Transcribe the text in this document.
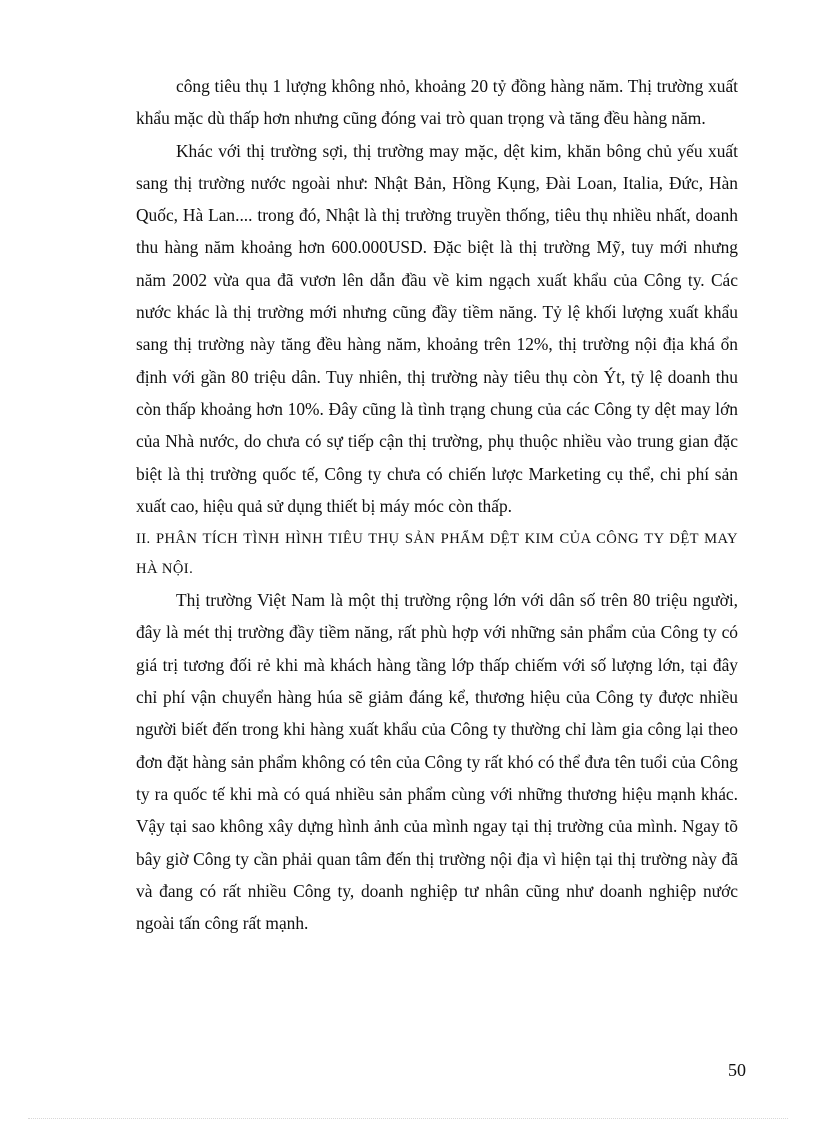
công tiêu thụ 1 lượng không nhỏ, khoảng 20 tỷ đồng hàng năm. Thị trường xuất khẩu mặc dù thấp hơn nhưng cũng đóng vai trò quan trọng và tăng đều hàng năm.

Khác với thị trường sợi, thị trường may mặc, dệt kim, khăn bông chủ yếu xuất sang thị trường nước ngoài như: Nhật Bản, Hồng Kụng, Đài Loan, Italia, Đức, Hàn Quốc, Hà Lan.... trong đó, Nhật là thị trường truyền thống, tiêu thụ nhiều nhất, doanh thu hàng năm khoảng hơn 600.000USD. Đặc biệt là thị trường Mỹ, tuy mới nhưng năm 2002 vừa qua đã vươn lên dẫn đầu về kim ngạch xuất khẩu của Công ty. Các nước khác là thị trường mới nhưng cũng đầy tiềm năng. Tỷ lệ khối lượng xuất khẩu sang thị trường này tăng đều hàng năm, khoảng trên 12%, thị trường nội địa khá ổn định với gần 80 triệu dân. Tuy nhiên, thị trường này tiêu thụ còn Ýt, tỷ lệ doanh thu còn thấp khoảng hơn 10%. Đây cũng là tình trạng chung của các Công ty dệt may lớn của Nhà nước, do chưa có sự tiếp cận thị trường, phụ thuộc nhiều vào trung gian đặc biệt là thị trường quốc tế, Công ty chưa có chiến lược Marketing cụ thể, chi phí sản xuất cao, hiệu quả sử dụng thiết bị máy móc còn thấp.

II. PHÂN TÍCH TÌNH HÌNH TIÊU THỤ SẢN PHẨM DỆT KIM CỦA CÔNG TY DỆT MAY HÀ NỘI.

Thị trường Việt Nam là một thị trường rộng lớn với dân số trên 80 triệu người, đây là mét thị trường đầy tiềm năng, rất phù hợp với những sản phẩm của Công ty có giá trị tương đối rẻ khi mà khách hàng tầng lớp thấp chiếm với số lượng lớn, tại đây chỉ phí vận chuyển hàng húa sẽ giảm đáng kể, thương hiệu của Công ty được nhiều người biết đến trong khi hàng xuất khẩu của Công ty thường chỉ làm gia công lại theo đơn đặt hàng sản phẩm không có tên của Công ty rất khó có thể đưa tên tuổi của Công ty ra quốc tế khi mà có quá nhiều sản phẩm cùng với những thương hiệu mạnh khác. Vậy tại sao không xây dựng hình ảnh của mình ngay tại thị trường của mình. Ngay tõ bây giờ Công ty cần phải quan tâm đến thị trường nội địa vì hiện tại thị trường này đã và đang có rất nhiều Công ty, doanh nghiệp tư nhân cũng như doanh nghiệp nước ngoài tấn công rất mạnh.

50
